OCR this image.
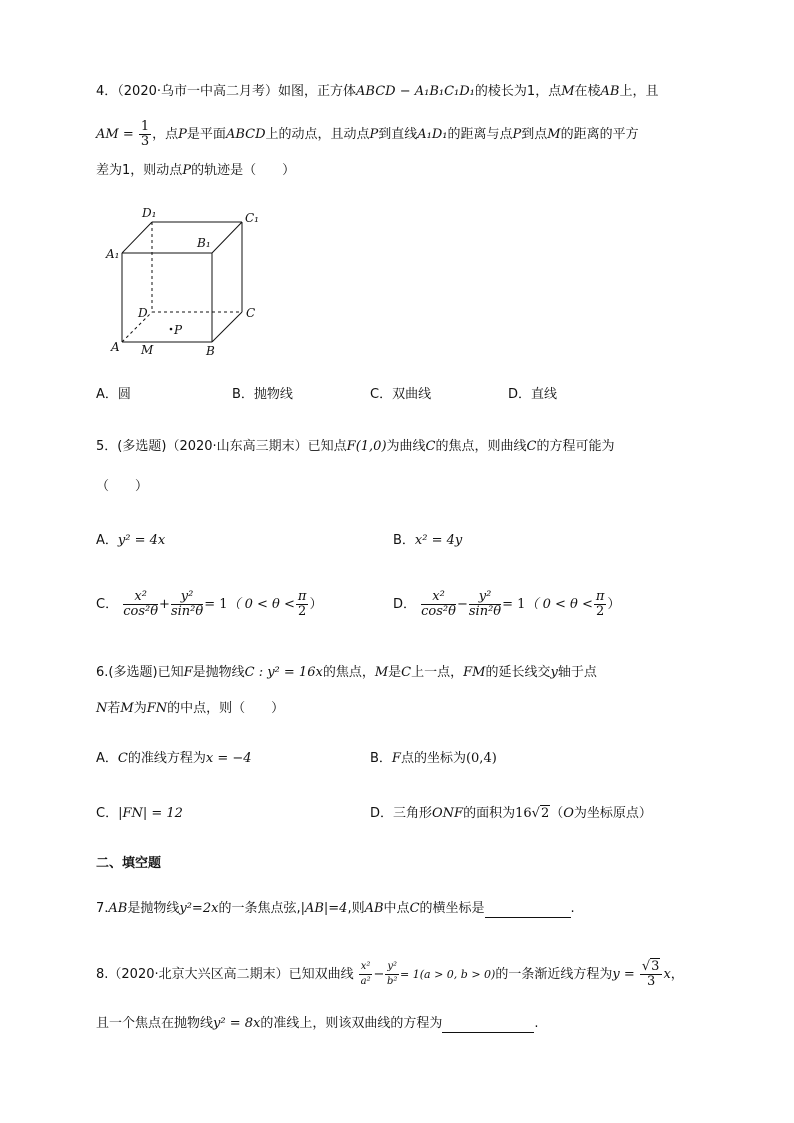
4．（2020·乌市一中高二月考）如图，正方体ABCD − A₁B₁C₁D₁的棱长为1，点M在棱AB上，且
AM = $\frac{1}{3}$ ，点P是平面ABCD上的动点，且动点P到直线A₁D₁的距离与点P到点M的距离的平方
差为1，则动点P的轨迹是（　　）
D₁	C₁
A₁
B₁
D	C
A	B
M
P
A．圆	B．抛物线	C．双曲线	D．直线
5．(多选题)（2020·山东高三期末）已知点F(1,0)为曲线C的焦点，则曲线C的方程可能为
（　　）
A．y² = 4x	B．x² = 4y
C． $\frac{\text{x²}}{\text{cos²θ}} + \frac{\text{y²}}{\text{sin²θ}} = 1$（ $0 < \theta < \frac{\pi}{2}$ ）	D． $\frac{\text{x²}}{\text{cos²θ}} - \frac{\text{y²}}{\text{sin²θ}} = 1$（ $0 < \theta < \frac{\pi}{2}$ ）
6.(多选题)已知F是抛物线C : y² = 16x的焦点，M是C上一点，FM的延长线交y轴于点
N若M为FN的中点，则（　　）
A．C的准线方程为x = −4	B．F点的坐标为(0,4)
C．|FN| = 12	D．三角形ONF的面积为16√2（O为坐标原点）
二、填空题
7.AB是抛物线y²=2x的一条焦点弦,|AB|=4,则AB中点C的横坐标是	.
8.（2020·北京大兴区高二期末）已知双曲线 $\frac{\text{x²}}{\text{a²}} - \frac{\text{y²}}{\text{b²}} = 1(a > 0$, b > 0)的一条渐近线方程为$y = \frac{√3}{3}$ x，
且一个焦点在抛物线y² = 8x的准线上，则该双曲线的方程为	.
